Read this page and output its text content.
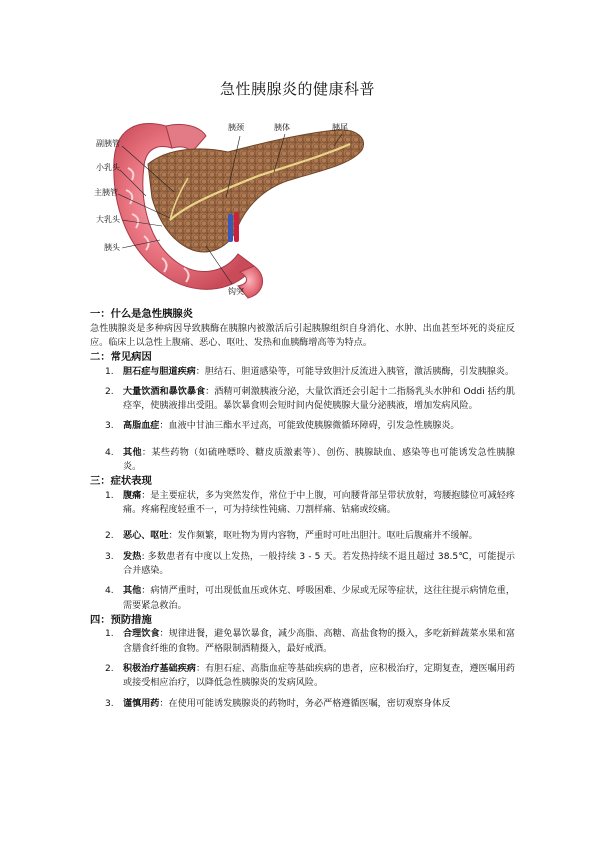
急性胰腺炎的健康科普
副胰管
小乳头
主胰管
大乳头
胰头
胰颈	胰体	胰尾
钩突
一：什么是急性胰腺炎
急性胰腺炎是多种病因导致胰酶在胰腺内被激活后引起胰腺组织自身消化、水肿、出血甚至坏死的炎症反应。临床上以急性上腹痛、恶心、呕吐、发热和血胰酶增高等为特点。
二：常见病因
1. 胆石症与胆道疾病：胆结石、胆道感染等，可能导致胆汁反流进入胰管，激活胰酶，引发胰腺炎。
2. 大量饮酒和暴饮暴食：酒精可刺激胰液分泌，大量饮酒还会引起十二指肠乳头水肿和 Oddi 括约肌痉挛，使胰液排出受阻。暴饮暴食则会短时间内促使胰腺大量分泌胰液，增加发病风险。
3. 高脂血症：血液中甘油三酯水平过高，可能致使胰腺微循环障碍，引发急性胰腺炎。
4. 其他：某些药物（如硫唑嘌呤、糖皮质激素等）、创伤、胰腺缺血、感染等也可能诱发急性胰腺炎。
三：症状表现
1. 腹痛：是主要症状，多为突然发作，常位于中上腹，可向腰背部呈带状放射，弯腰抱膝位可减轻疼痛。疼痛程度轻重不一，可为持续性钝痛、刀割样痛、钻痛或绞痛。
2. 恶心、呕吐：发作频繁，呕吐物为胃内容物，严重时可吐出胆汁。呕吐后腹痛并不缓解。
3. 发热: 多数患者有中度以上发热，一般持续 3 - 5 天。若发热持续不退且超过 38.5℃，可能提示合并感染。
4. 其他：病情严重时，可出现低血压或休克、呼吸困难、少尿或无尿等症状，这往往提示病情危重，需要紧急救治。
四：预防措施
1. 合理饮食：规律进餐，避免暴饮暴食，减少高脂、高糖、高盐食物的摄入，多吃新鲜蔬菜水果和富含膳食纤维的食物。严格限制酒精摄入，最好戒酒。
2. 积极治疗基础疾病：有胆石症、高脂血症等基础疾病的患者，应积极治疗，定期复查，遵医嘱用药或接受相应治疗，以降低急性胰腺炎的发病风险。
3. 谨慎用药：在使用可能诱发胰腺炎的药物时，务必严格遵循医嘱，密切观察身体反
